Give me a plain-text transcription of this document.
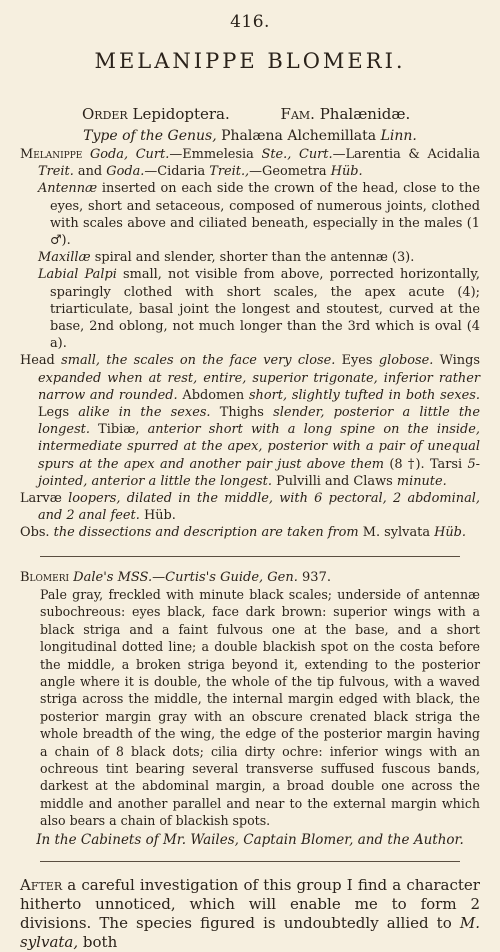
416.
MELANIPPE BLOMERI.
Order Lepidoptera.	Fam. Phalænidæ.
Type of the Genus, Phalæna Alchemillata Linn.

Melanippe Goda, Curt.—Emmelesia Ste., Curt.—Larentia & Acidalia Treit. and Goda.—Cidaria Treit.,—Geometra Hüb.

Antennæ inserted on each side the crown of the head, close to the eyes, short and setaceous, composed of numerous joints, clothed with scales above and ciliated beneath, especially in the males (1 ♂).

Maxillæ spiral and slender, shorter than the antennæ (3).

Labial Palpi small, not visible from above, porrected horizontally, sparingly clothed with short scales, the apex acute (4); triarticulate, basal joint the longest and stoutest, curved at the base, 2nd oblong, not much longer than the 3rd which is oval (4 a).

Head small, the scales on the face very close. Eyes globose. Wings expanded when at rest, entire, superior trigonate, inferior rather narrow and rounded. Abdomen short, slightly tufted in both sexes. Legs alike in the sexes. Thighs slender, posterior a little the longest. Tibiæ, anterior short with a long spine on the inside, intermediate spurred at the apex, posterior with a pair of unequal spurs at the apex and another pair just above them (8 †). Tarsi 5-jointed, anterior a little the longest. Pulvilli and Claws minute.

Larvæ loopers, dilated in the middle, with 6 pectoral, 2 abdominal, and 2 anal feet. Hüb.

Obs. the dissections and description are taken from M. sylvata Hüb.

Blomeri Dale's MSS.—Curtis's Guide, Gen. 937.

Pale gray, freckled with minute black scales; underside of antennæ subochreous: eyes black, face dark brown: superior wings with a black striga and a faint fulvous one at the base, and a short longitudinal dotted line; a double blackish spot on the costa before the middle, a broken striga beyond it, extending to the posterior angle where it is double, the whole of the tip fulvous, with a waved striga across the middle, the internal margin edged with black, the posterior margin gray with an obscure crenated black striga the whole breadth of the wing, the edge of the posterior margin having a chain of 8 black dots; cilia dirty ochre: inferior wings with an ochreous tint bearing several transverse suffused fuscous bands, darkest at the abdominal margin, a broad double one across the middle and another parallel and near to the external margin which also bears a chain of blackish spots.

In the Cabinets of Mr. Wailes, Captain Blomer, and the Author.

After a careful investigation of this group I find a character hitherto unnoticed, which will enable me to form 2 divisions. The species figured is undoubtedly allied to M. sylvata, both
